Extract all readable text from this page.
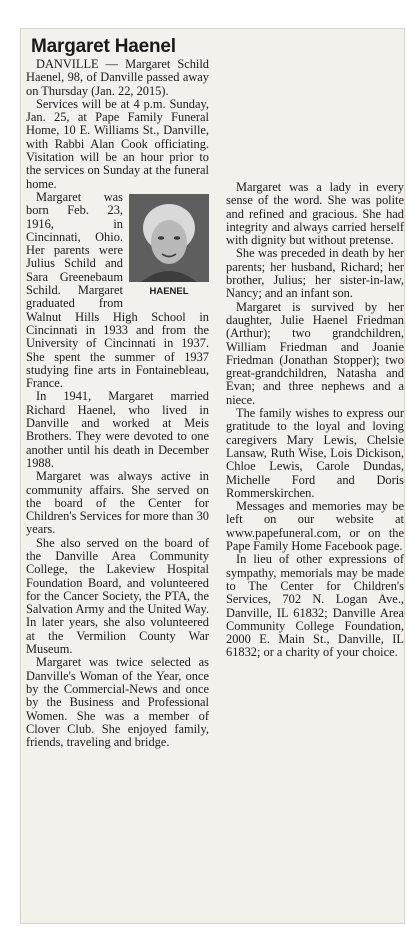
Margaret Haenel

DANVILLE — Margaret Schild Haenel, 98, of Danville passed away on Thursday (Jan. 22, 2015).

Services will be at 4 p.m. Sunday, Jan. 25, at Pape Family Funeral Home, 10 E. Williams St., Danville, with Rabbi Alan Cook officiating. Visitation will be an hour prior to the services on Sunday at the funeral home.

HAENEL

Margaret was born Feb. 23, 1916, in Cincinnati, Ohio. Her parents were Julius Schild and Sara Greenebaum Schild. Margaret graduated from Walnut Hills High School in Cincinnati in 1933 and from the University of Cincinnati in 1937. She spent the summer of 1937 studying fine arts in Fontainebleau, France.

In 1941, Margaret married Richard Haenel, who lived in Danville and worked at Meis Brothers. They were devoted to one another until his death in December 1988.

Margaret was always active in community affairs. She served on the board of the Center for Children's Services for more than 30 years.

She also served on the board of the Danville Area Community College, the Lakeview Hospital Foundation Board, and volunteered for the Cancer Society, the PTA, the Salvation Army and the United Way. In later years, she also volunteered at the Vermilion County War Museum.

Margaret was twice selected as Danville's Woman of the Year, once by the Commercial-News and once by the Business and Professional Women. She was a member of Clover Club. She enjoyed family, friends, traveling and bridge.

Margaret was a lady in every sense of the word. She was polite and refined and gracious. She had integrity and always carried herself with dignity but without pretense.

She was preceded in death by her parents; her husband, Richard; her brother, Julius; her sister-in-law, Nancy; and an infant son.

Margaret is survived by her daughter, Julie Haenel Friedman (Arthur); two grandchildren, William Friedman and Joanie Friedman (Jonathan Stopper); two great-grandchildren, Natasha and Evan; and three nephews and a niece.

The family wishes to express our gratitude to the loyal and loving caregivers Mary Lewis, Chelsie Lansaw, Ruth Wise, Lois Dickison, Chloe Lewis, Carole Dundas, Michelle Ford and Doris Rommerskirchen.

Messages and memories may be left on our website at www.papefuneral.com, or on the Pape Family Home Facebook page.

In lieu of other expressions of sympathy, memorials may be made to The Center for Children's Services, 702 N. Logan Ave., Danville, IL 61832; Danville Area Community College Foundation, 2000 E. Main St., Danville, IL 61832; or a charity of your choice.
